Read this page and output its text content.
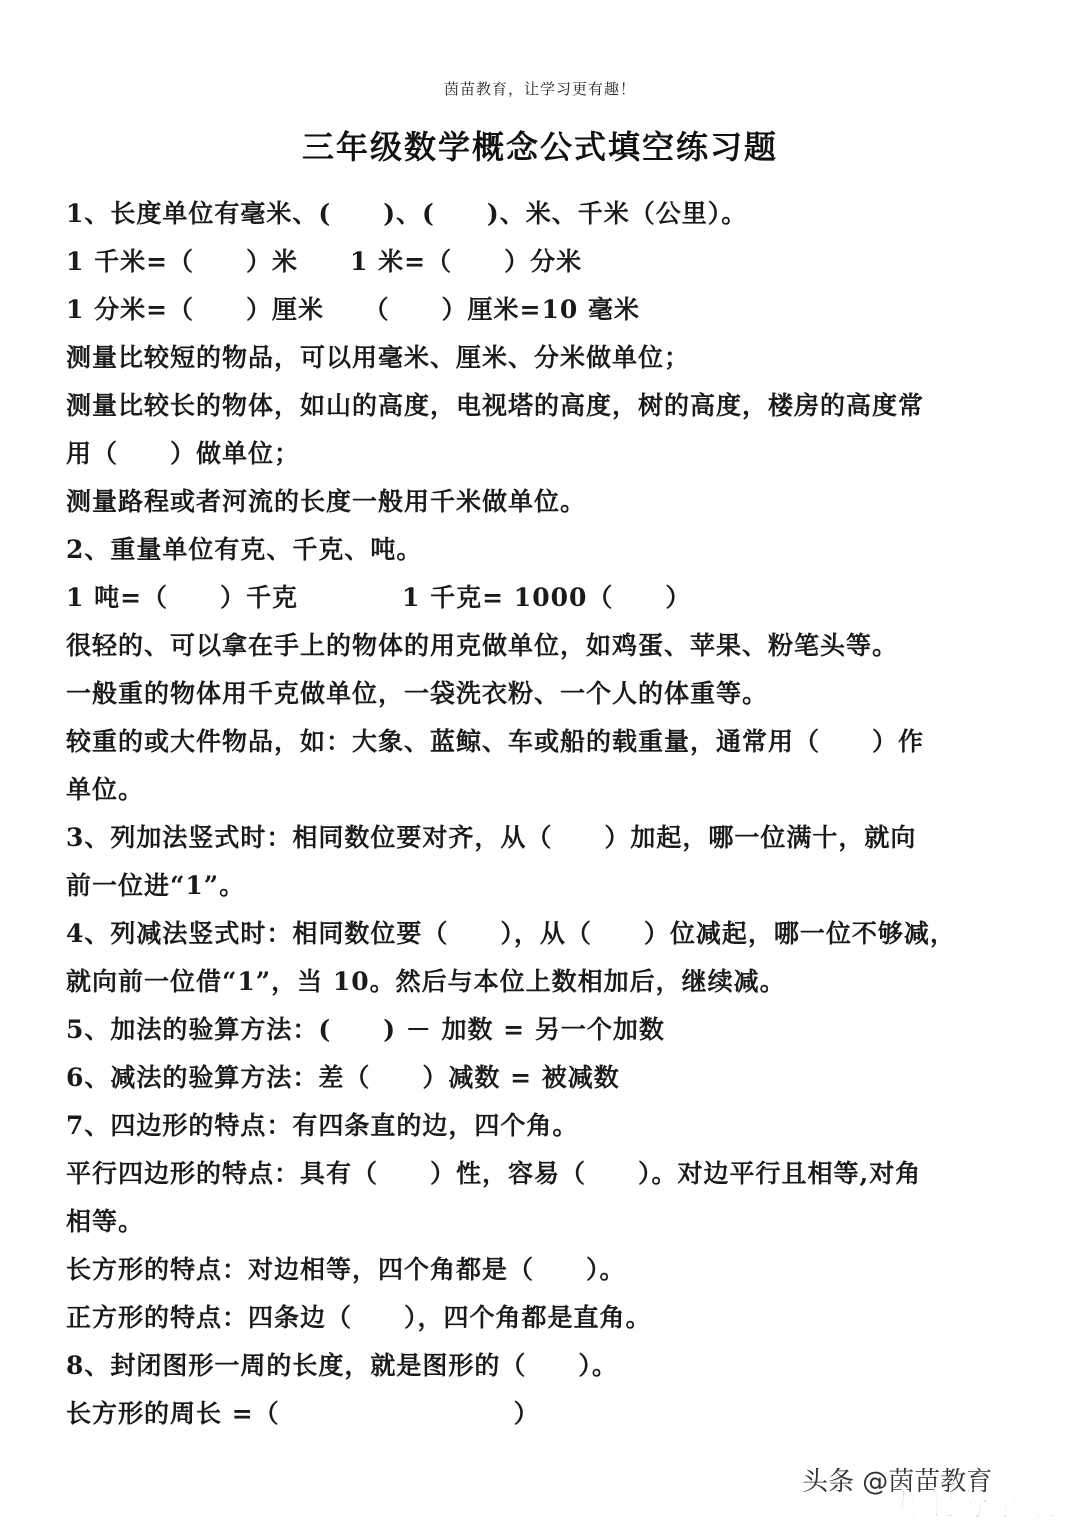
茵苗教育，让学习更有趣！
三年级数学概念公式填空练习题
1、长度单位有毫米、(　　)、(　　)、米、千米（公里）。
1 千米=（　　）米　　1 米=（　　）分米
1 分米=（　　）厘米　　（　　）厘米=10 毫米
测量比较短的物品，可以用毫米、厘米、分米做单位；
测量比较长的物体，如山的高度，电视塔的高度，树的高度，楼房的高度常
用（　　）做单位；
测量路程或者河流的长度一般用千米做单位。
2、重量单位有克、千克、吨。
1 吨=（　　）千克　　　　1 千克= 1000（　　）
很轻的、可以拿在手上的物体的用克做单位，如鸡蛋、苹果、粉笔头等。
一般重的物体用千克做单位，一袋洗衣粉、一个人的体重等。
较重的或大件物品，如：大象、蓝鲸、车或船的载重量，通常用（　　）作
单位。
3、列加法竖式时：相同数位要对齐，从（　　）加起，哪一位满十，就向
前一位进“1”。
4、列减法竖式时：相同数位要（　　），从（　　）位减起，哪一位不够减，
就向前一位借“1”，当 10。然后与本位上数相加后，继续减。
5、加法的验算方法：(　　) － 加数 = 另一个加数
6、减法的验算方法：差（　　）减数 = 被减数
7、四边形的特点：有四条直的边，四个角。
平行四边形的特点：具有（　　）性，容易（　　）。对边平行且相等,对角
相等。
长方形的特点：对边相等，四个角都是（　　）。
正方形的特点：四条边（　　），四个角都是直角。
8、封闭图形一周的长度，就是图形的（　　）。
长方形的周长 =（　　　　　　　　　）
头条 @茵苗教育
九七分享吧
